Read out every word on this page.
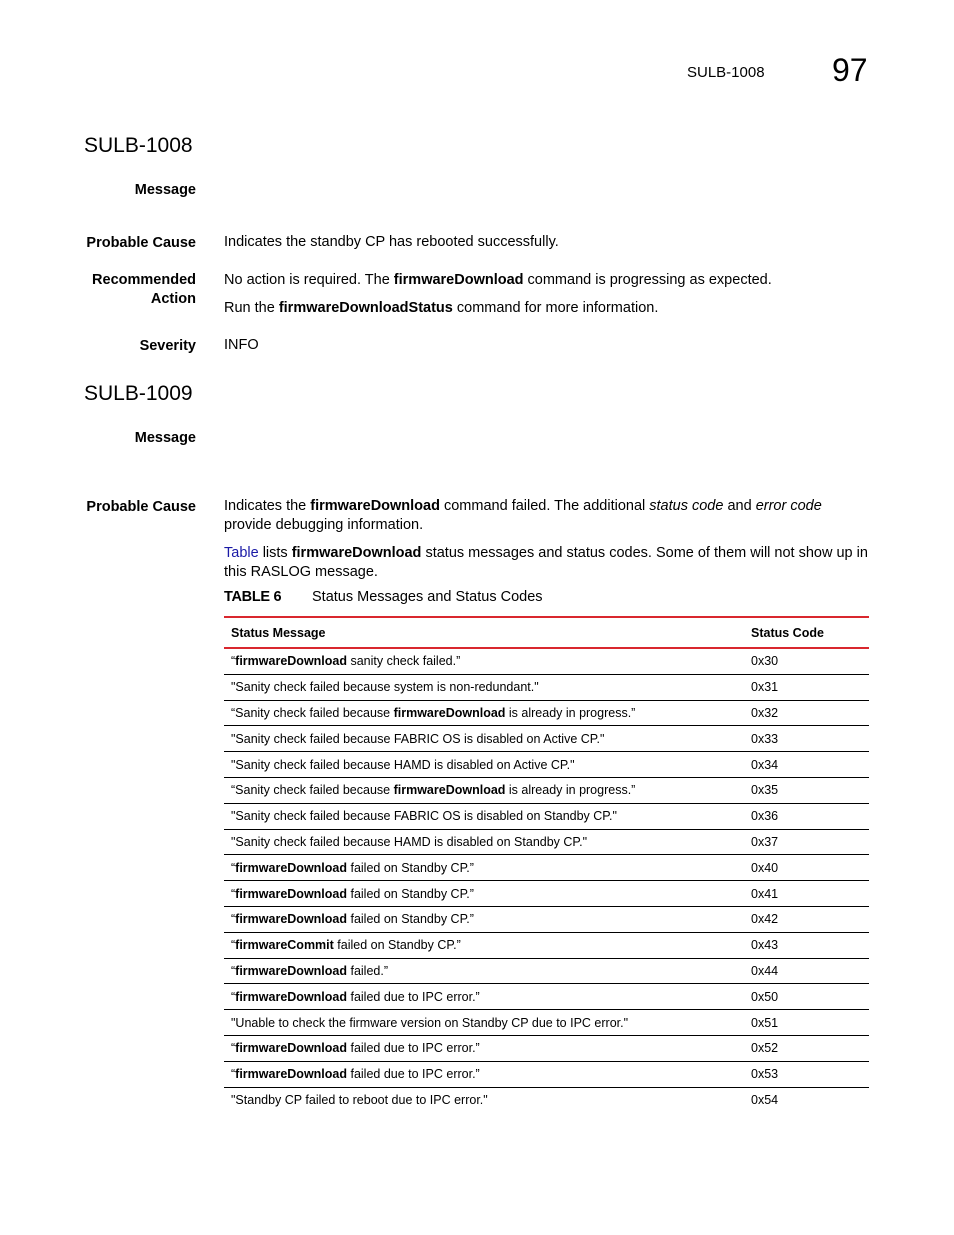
SULB-1008 97
SULB-1008
Message
Probable Cause Indicates the standby CP has rebooted successfully.
Recommended
Action
No action is required. The firmwareDownload command is progressing as expected.
Run the firmwareDownloadStatus command for more information.
Severity INFO
SULB-1009
Message
Probable Cause Indicates the firmwareDownload command failed. The additional status code and error code provide debugging information.
Table lists firmwareDownload status messages and status codes. Some of them will not show up in this RASLOG message.
TABLE 6 Status Messages and Status Codes
Status Message	Status Code
“firmwareDownload sanity check failed.”	0x30
"Sanity check failed because system is non-redundant."	0x31
“Sanity check failed because firmwareDownload is already in progress.”	0x32
"Sanity check failed because FABRIC OS is disabled on Active CP."	0x33
"Sanity check failed because HAMD is disabled on Active CP."	0x34
“Sanity check failed because firmwareDownload is already in progress.”	0x35
"Sanity check failed because FABRIC OS is disabled on Standby CP."	0x36
"Sanity check failed because HAMD is disabled on Standby CP."	0x37
“firmwareDownload failed on Standby CP.”	0x40
“firmwareDownload failed on Standby CP.”	0x41
“firmwareDownload failed on Standby CP.”	0x42
“firmwareCommit failed on Standby CP.”	0x43
“firmwareDownload failed.”	0x44
“firmwareDownload failed due to IPC error.”	0x50
"Unable to check the firmware version on Standby CP due to IPC error."	0x51
“firmwareDownload failed due to IPC error.”	0x52
“firmwareDownload failed due to IPC error.”	0x53
"Standby CP failed to reboot due to IPC error."	0x54
